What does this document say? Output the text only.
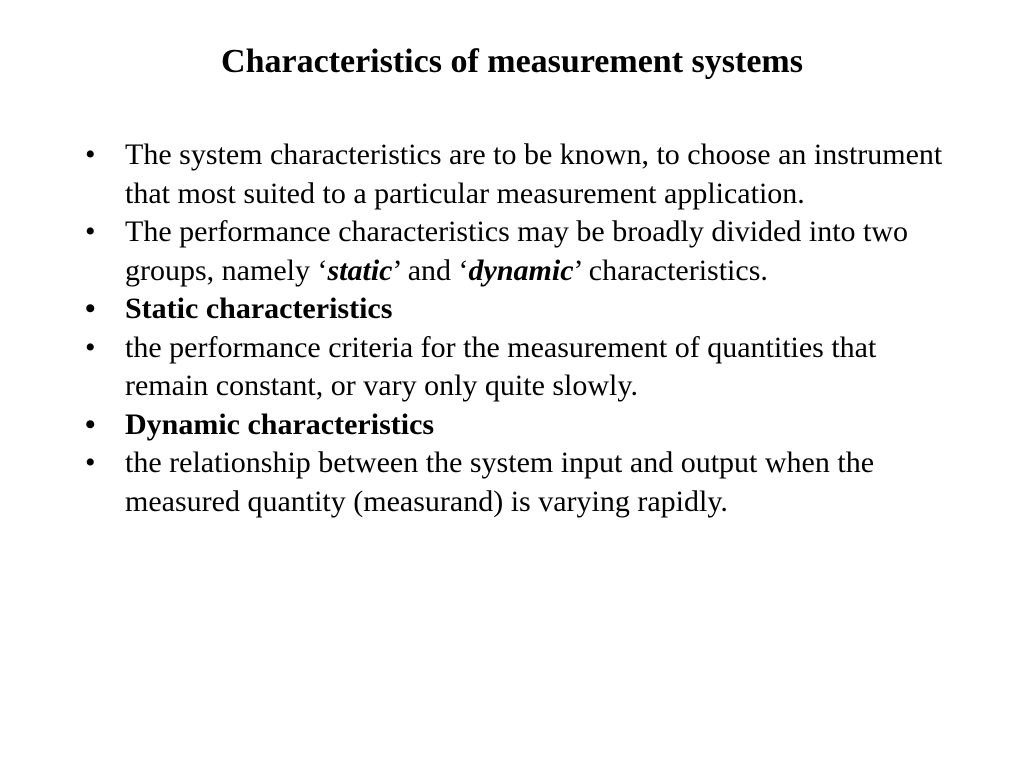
Characteristics of measurement systems
• The system characteristics are to be known, to choose an instrument that most suited to a particular measurement application.
• The performance characteristics may be broadly divided into two groups, namely ‘static’ and ‘dynamic’ characteristics.
• Static characteristics
• the performance criteria for the measurement of quantities that remain constant, or vary only quite slowly.
• Dynamic characteristics
• the relationship between the system input and output when the measured quantity (measurand) is varying rapidly.
